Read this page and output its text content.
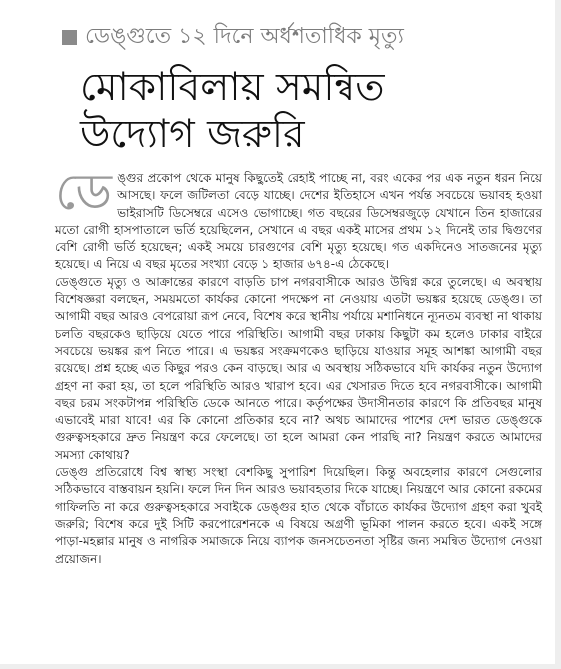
ডেঙ্গুতে ১২ দিনে অর্ধশতাধিক মৃত্যু
মোকাবিলায় সমন্বিত
উদ্যোগ জরুরি

ডেঙ্গুর প্রকোপ থেকে মানুষ কিছুতেই রেহাই পাচ্ছে না, বরং একের পর এক নতুন ধরন নিয়ে আসছে। ফলে জটিলতা বেড়ে যাচ্ছে। দেশের ইতিহাসে এখন পর্যন্ত সবচেয়ে ভয়াবহ হওয়া ভাইরাসটি ডিসেম্বরে এসেও ভোগাচ্ছে। গত বছরের ডিসেম্বরজুড়ে যেখানে তিন হাজারের মতো রোগী হাসপাতালে ভর্তি হয়েছিলেন, সেখানে এ বছর একই মাসের প্রথম ১২ দিনেই তার দ্বিগুণের বেশি রোগী ভর্তি হয়েছেন; একই সময়ে চারগুণের বেশি মৃত্যু হয়েছে। গত একদিনেও সাতজনের মৃত্যু হয়েছে। এ নিয়ে এ বছর মৃতের সংখ্যা বেড়ে ১ হাজার ৬৭৪-এ ঠেকেছে।

ডেঙ্গুতে মৃত্যু ও আক্রান্তের কারণে বাড়তি চাপ নগরবাসীকে আরও উদ্বিগ্ন করে তুলেছে। এ অবস্থায় বিশেষজ্ঞরা বলছেন, সময়মতো কার্যকর কোনো পদক্ষেপ না নেওয়ায় এতটা ভয়ঙ্কর হয়েছে ডেঙ্গু। তা আগামী বছর আরও বেপরোয়া রূপ নেবে, বিশেষ করে স্থানীয় পর্যায়ে মশানিধনে ন্যূনতম ব্যবস্থা না থাকায় চলতি বছরকেও ছাড়িয়ে যেতে পারে পরিস্থিতি। আগামী বছর ঢাকায় কিছুটা কম হলেও ঢাকার বাইরে সবচেয়ে ভয়ঙ্কর রূপ নিতে পারে। এ ভয়ঙ্কর সংক্রমণকেও ছাড়িয়ে যাওয়ার সমূহ আশঙ্কা আগামী বছর রয়েছে। প্রশ্ন হচ্ছে এত কিছুর পরও কেন বাড়ছে। আর এ অবস্থায় সঠিকভাবে যদি কার্যকর নতুন উদ্যোগ গ্রহণ না করা হয়, তা হলে পরিস্থিতি আরও খারাপ হবে। এর খেসারত দিতে হবে নগরবাসীকে। আগামী বছর চরম সংকটাপন্ন পরিস্থিতি ডেকে আনতে পারে। কর্তৃপক্ষের উদাসীনতার কারণে কি প্রতিবছর মানুষ এভাবেই মারা যাবে! এর কি কোনো প্রতিকার হবে না? অথচ আমাদের পাশের দেশ ভারত ডেঙ্গুকে গুরুত্বসহকারে দ্রুত নিয়ন্ত্রণ করে ফেলেছে। তা হলে আমরা কেন পারছি না? নিয়ন্ত্রণ করতে আমাদের সমস্যা কোথায়?

ডেঙ্গু প্রতিরোধে বিশ্ব স্বাস্থ্য সংস্থা বেশকিছু সুপারিশ দিয়েছিল। কিন্তু অবহেলার কারণে সেগুলোর সঠিকভাবে বাস্তবায়ন হয়নি। ফলে দিন দিন আরও ভয়াবহতার দিকে যাচ্ছে। নিয়ন্ত্রণে আর কোনো রকমের গাফিলতি না করে গুরুত্বসহকারে সবাইকে ডেঙ্গুর হাত থেকে বাঁচাতে কার্যকর উদ্যোগ গ্রহণ করা খুবই জরুরি; বিশেষ করে দুই সিটি করপোরেশনকে এ বিষয়ে অগ্রণী ভূমিকা পালন করতে হবে। একই সঙ্গে পাড়া-মহল্লার মানুষ ও নাগরিক সমাজকে নিয়ে ব্যাপক জনসচেতনতা সৃষ্টির জন্য সমন্বিত উদ্যোগ নেওয়া প্রয়োজন।
